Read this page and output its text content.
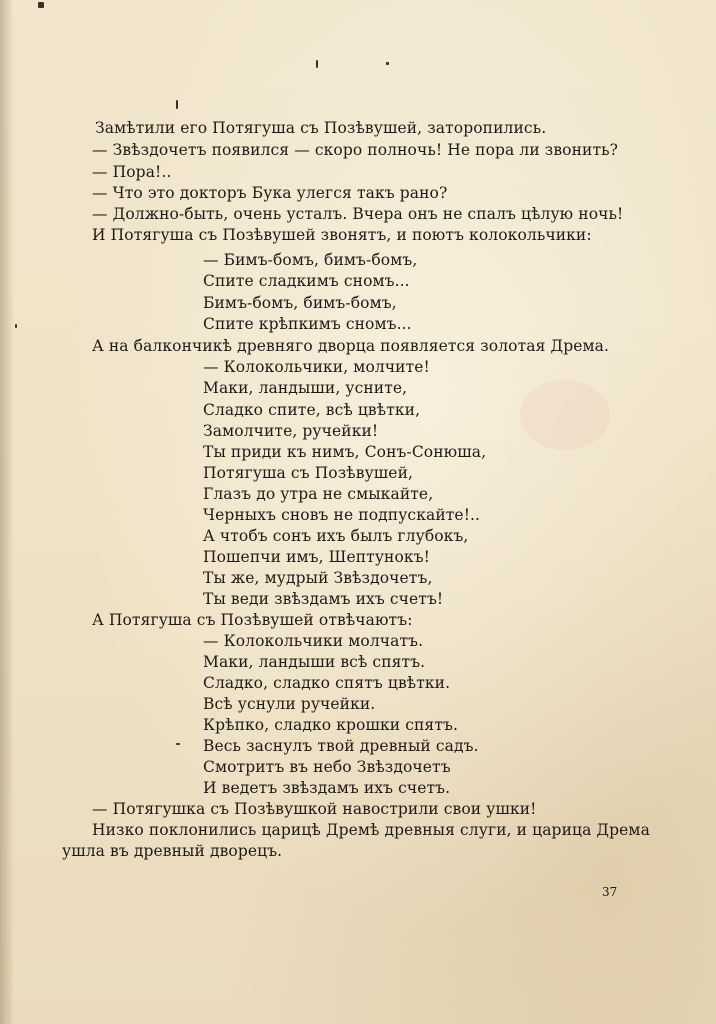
Замѣтили его Потягуша съ Позѣвушей, заторопились.
— Звѣздочетъ появился — скоро полночь! Не пора ли звонить?
— Пора!..
— Что это докторъ Бука улегся такъ рано?
— Должно-быть, очень усталъ. Вчера онъ не спалъ цѣлую ночь!
И Потягуша съ Позѣвушей звонятъ, и поютъ колокольчики:
— Бимъ-бомъ, бимъ-бомъ,
Спите сладкимъ сномъ...
Бимъ-бомъ, бимъ-бомъ,
Спите крѣпкимъ сномъ...
А на балкончикѣ древняго дворца появляется золотая Дрема.
— Колокольчики, молчите!
Маки, ландыши, усните,
Сладко спите, всѣ цвѣтки,
Замолчите, ручейки!
Ты приди къ нимъ, Сонъ-Сонюша,
Потягуша съ Позѣвушей,
Глазъ до утра не смыкайте,
Черныхъ сновъ не подпускайте!..
А чтобъ сонъ ихъ былъ глубокъ,
Пошепчи имъ, Шептунокъ!
Ты же, мудрый Звѣздочетъ,
Ты веди звѣздамъ ихъ счетъ!
А Потягуша съ Позѣвушей отвѣчаютъ:
— Колокольчики молчатъ.
Маки, ландыши всѣ спятъ.
Сладко, сладко спятъ цвѣтки.
Всѣ уснули ручейки.
Крѣпко, сладко крошки спятъ.
Весь заснулъ твой древный садъ.
Смотритъ въ небо Звѣздочетъ
И ведетъ звѣздамъ ихъ счетъ.
— Потягушка съ Позѣвушкой навострили свои ушки!
Низко поклонились царицѣ Дремѣ древныя слуги, и царица Дрема
ушла въ древный дворецъ.
37
